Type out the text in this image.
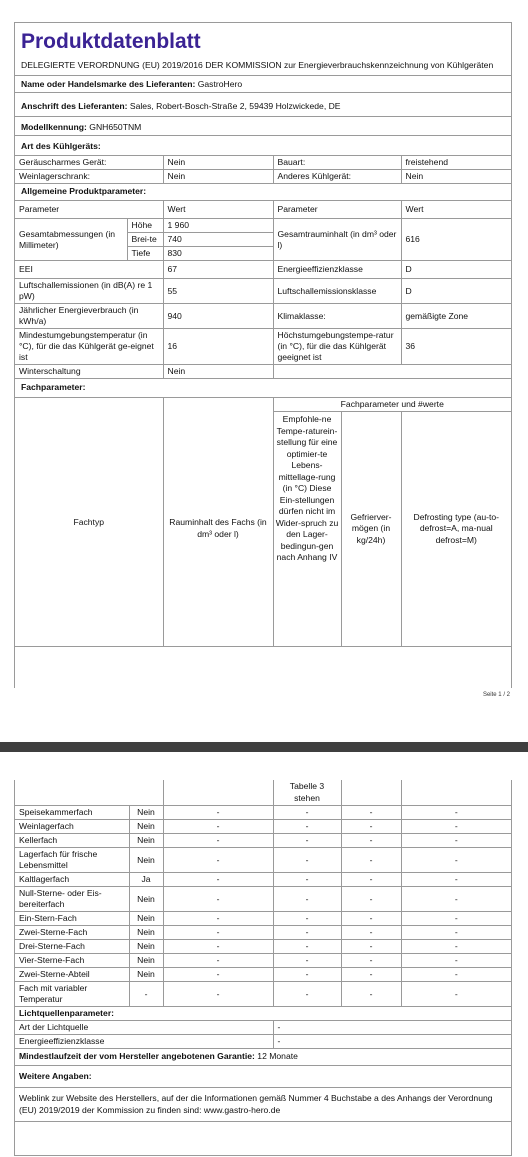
Produktdatenblatt
DELEGIERTE VERORDNUNG (EU) 2019/2016 DER KOMMISSION zur Energieverbrauchskennzeichnung von Kühlgeräten
Name oder Handelsmarke des Lieferanten: GastroHero
Anschrift des Lieferanten: Sales, Robert-Bosch-Straße 2, 59439 Holzwickede, DE
Modellkennung: GNH650TNM
Art des Kühlgeräts:
Geräuscharmes Gerät:	Nein	Bauart:	freistehend
Weinlagerschrank:	Nein	Anderes Kühlgerät:	Nein
Allgemeine Produktparameter:
Parameter		Wert	Parameter	Wert
Gesamtabmessungen (in Millimeter)	Höhe	1 960	Gesamtrauminhalt (in dm³ oder l)	616
	Brei-te	740		
	Tiefe	830		
EEI		67	Energieeffizienzklasse	D
Luftschallemissionen (in dB(A) re 1 pW)		55	Luftschallemissionsklasse	D
Jährlicher Energieverbrauch (in kWh/a)		940	Klimaklasse:	gemäßigte Zone
Mindestumgebungstemperatur (in °C), für die das Kühlgerät ge-eignet ist		16	Höchstumgebungstempe-ratur (in °C), für die das Kühlgerät geeignet ist	36
Winterschaltung		Nein		
Fachparameter:
Fachtyp		Fachparameter und #werte		
	Rauminhalt des Fachs (in dm³ oder l)	Empfohle-ne Tempe-raturein-stellung für eine optimier-te Lebens-mittellage-rung (in °C) Diese Ein-stellungen dürfen nicht im Wider-spruch zu den Lager-bedingun-gen nach Anhang IV	Gefrierver-mögen (in kg/24h)	Defrosting type (au-to-defrost=A, ma-nual defrost=M)
Seite 1 / 2
			Tabelle 3 stehen		
Speisekammerfach	Nein	-	-	-	-
Weinlagerfach	Nein	-	-	-	-
Kellerfach	Nein	-	-	-	-
Lagerfach für frische Lebensmittel	Nein	-	-	-	-
Kaltlagerfach	Ja	-	-	-	-
Null-Sterne- oder Eis-bereiterfach	Nein	-	-	-	-
Ein-Stern-Fach	Nein	-	-	-	-
Zwei-Sterne-Fach	Nein	-	-	-	-
Drei-Sterne-Fach	Nein	-	-	-	-
Vier-Sterne-Fach	Nein	-	-	-	-
Zwei-Sterne-Abteil	Nein	-	-	-	-
Fach mit variabler Temperatur	-	-	-	-	-
Lichtquellenparameter:					
Art der Lichtquelle			-		
Energieeffizienzklasse			-		
Mindestlaufzeit der vom Hersteller angebotenen Garantie: 12 Monate					
Weitere Angaben:					
Weblink zur Website des Herstellers, auf der die Informationen gemäß Nummer 4 Buchstabe a des Anhangs der Verordnung (EU) 2019/2019 der Kommission zu finden sind: www.gastro-hero.de					
